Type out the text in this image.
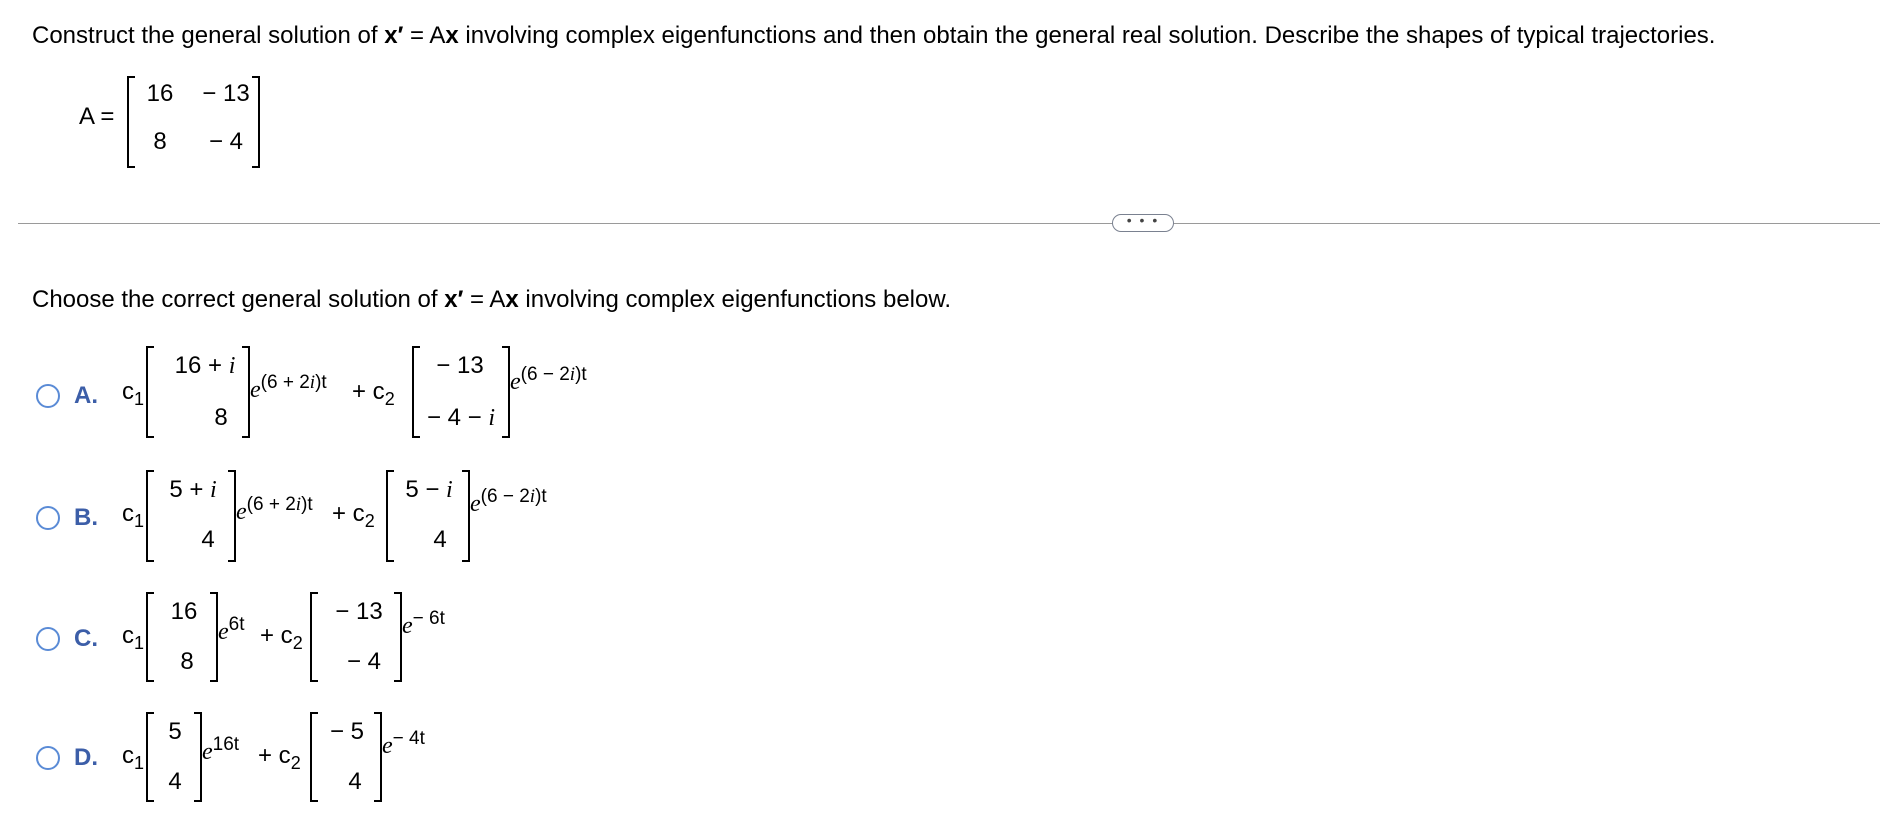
Construct the general solution of x′ = Ax involving complex eigenfunctions and then obtain the general real solution. Describe the shapes of typical trajectories.
A =
16 − 13
8	− 4
• • •
Choose the correct general solution of x′ = Ax involving complex eigenfunctions below.
A. $c_1$
16 + i
8
$e^{(6 + 2i)t} + c_2$
− 13
− 4 − i
$e^{(6 - 2i)t}$
B. $c_1$
5 + i
4
$e^{(6 + 2i)t} + c_2$
5 − i
4
$e^{(6 - 2i)t}$
C. $c_1$
16
8
$e^{6t} + c_2$
− 13
− 4
$e^{- 6t}$
D. $c_1$
5
4
$e^{16t} + c_2$
− 5
4
$e^{- 4t}$
